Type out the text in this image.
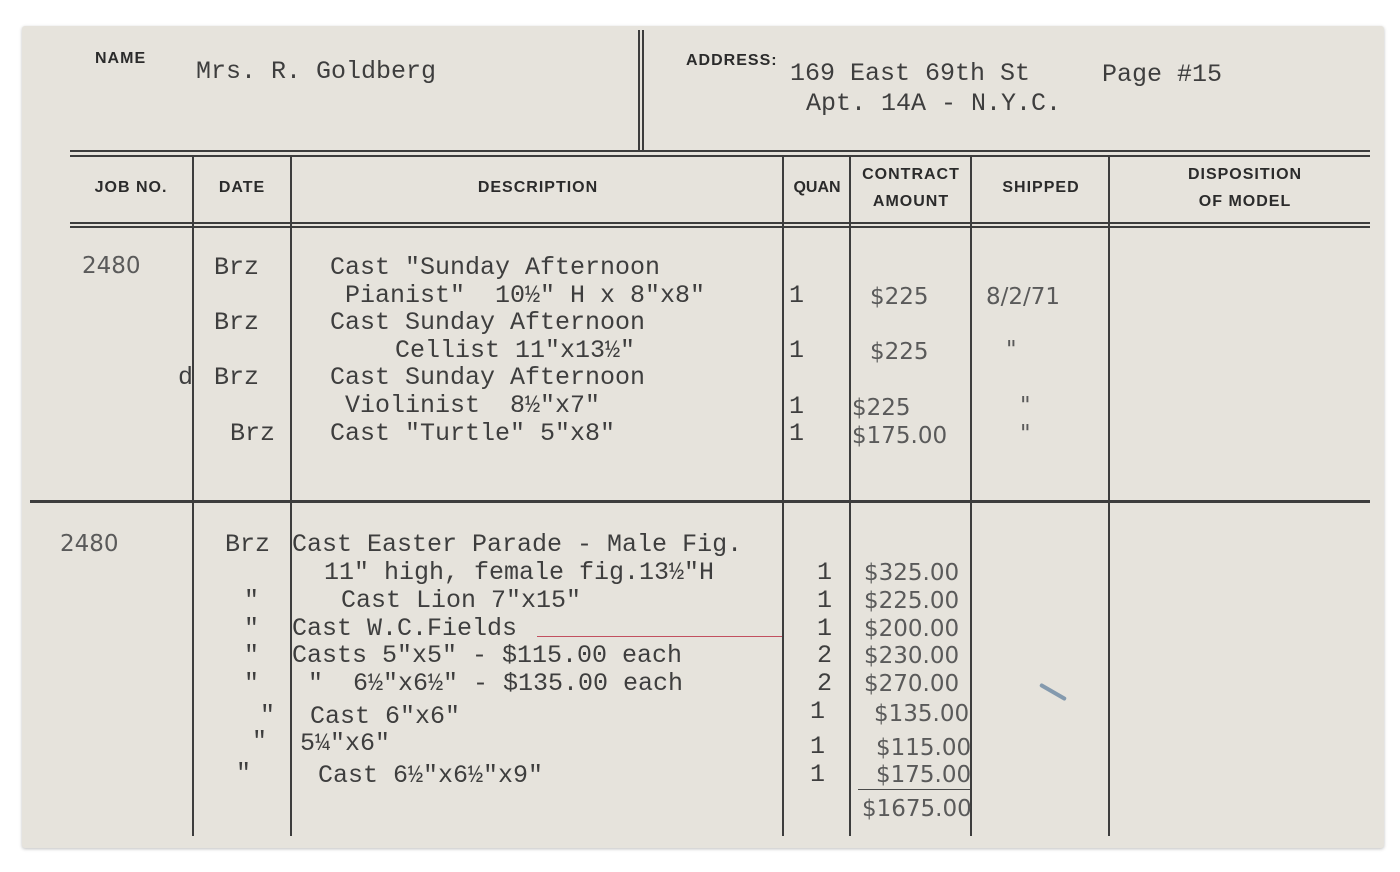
NAME Mrs. R. Goldberg	ADDRESS: 169 East 69th St	Page #15
Apt. 14A - N.Y.C.
JOB NO.	DATE	DESCRIPTION	QUAN
CONTRACT
AMOUNT
SHIPPED
DISPOSITION
OF MODEL
2480	Brz	Cast "Sunday Afternoon
Pianist"  10½" H x 8"x8"	1	$225 8/2/71
Brz	Cast Sunday Afternoon
Cellist 11"x13½"	1	$225	"
d Brz	Cast Sunday Afternoon
Violinist  8½"x7"	1 $225	"
Brz Cast "Turtle" 5"x8"	1 $175.00	"
2480	Brz Cast Easter Parade - Male Fig.
11" high, female fig.13½"H	1 $325.00
"	Cast Lion 7"x15"	1 $225.00
" Cast W.C.Fields	1 $200.00
" Casts 5"x5" - $115.00 each	2 $230.00
" "  6½"x6½" - $135.00 each	2 $270.00
" Cast 6"x6"	1 $135.00
" 5¼"x6"	1 $115.00
"	Cast 6½"x6½"x9"	1 $175.00
$1675.00
